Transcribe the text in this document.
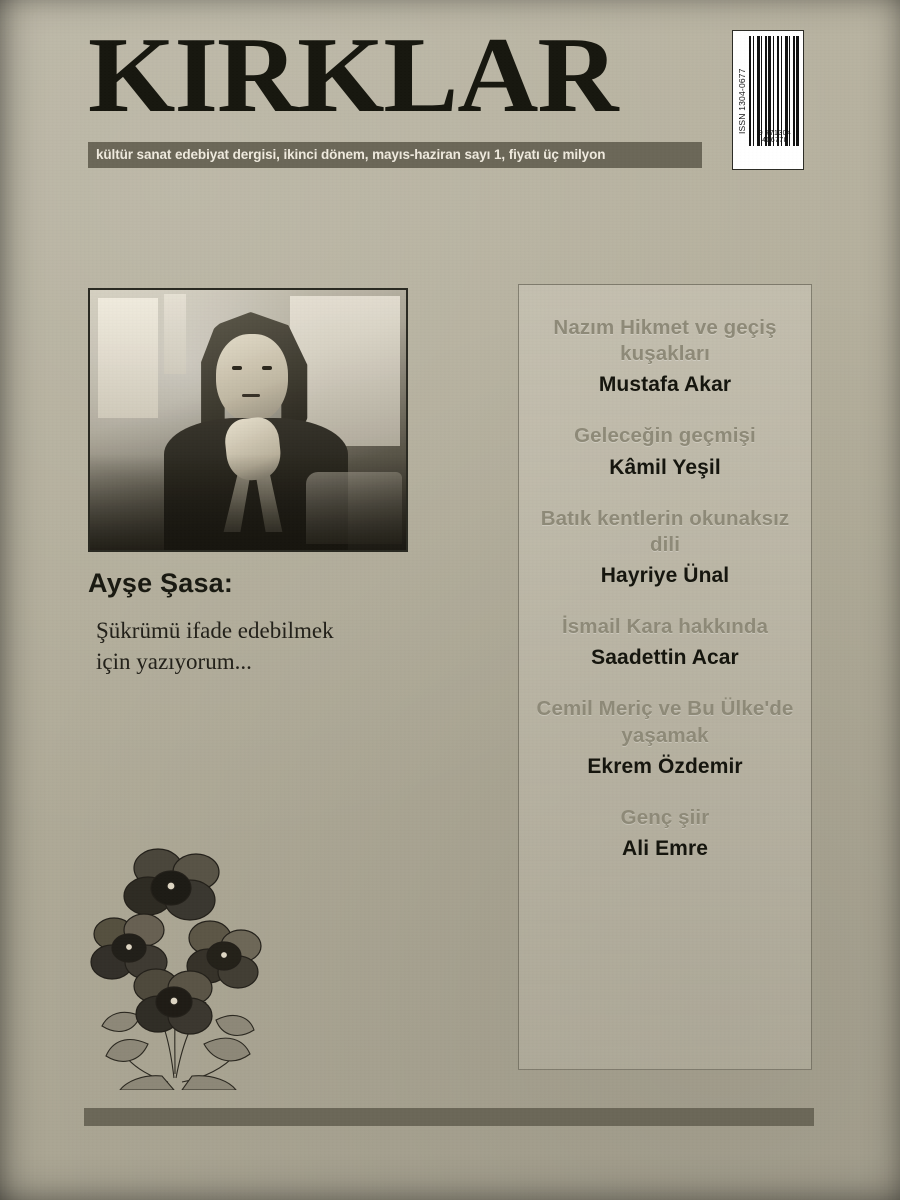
KIRKLAR
kültür sanat edebiyat dergisi, ikinci dönem, mayıs-haziran sayı 1, fiyatı üç milyon
ISSN 1304-0677	9 771304 406778
Ayşe Şasa:
Şükrümü ifade edebilmek için yazıyorum...
Nazım Hikmet ve geçiş kuşakları
Mustafa Akar
Geleceğin geçmişi
Kâmil Yeşil
Batık kentlerin okunaksız dili
Hayriye Ünal
İsmail Kara hakkında
Saadettin Acar
Cemil Meriç ve Bu Ülke'de yaşamak
Ekrem Özdemir
Genç şiir
Ali Emre
